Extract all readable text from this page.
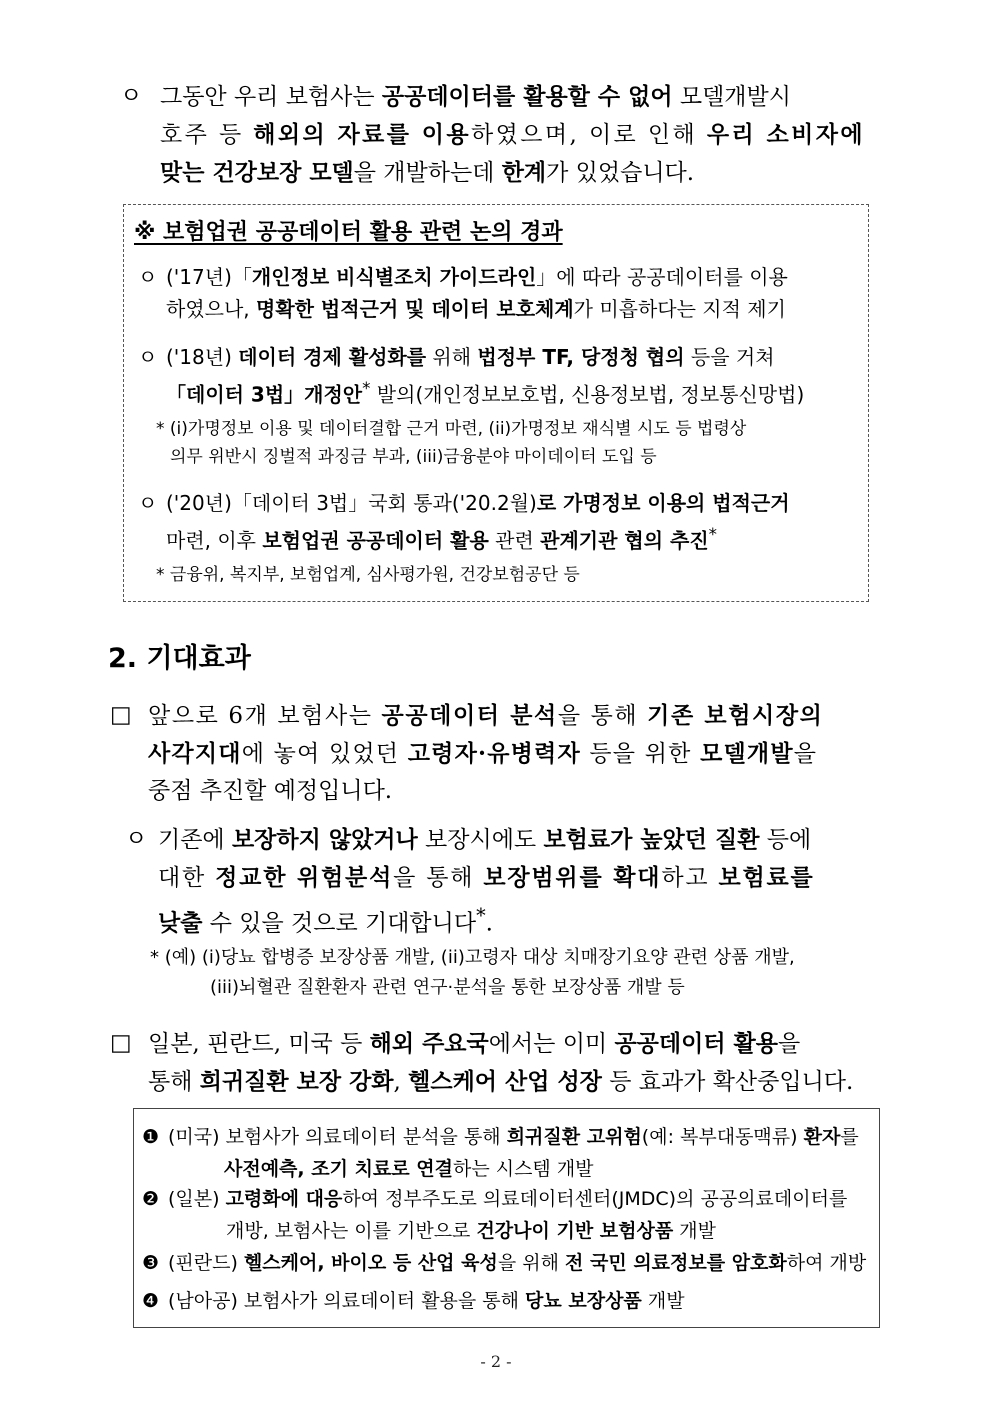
ㅇ 그동안 우리 보험사는 공공데이터를 활용할 수 없어 모델개발시
호주 등 해외의 자료를 이용하였으며, 이로 인해 우리 소비자에
맞는 건강보장 모델을 개발하는데 한계가 있었습니다.
※ 보험업권 공공데이터 활용 관련 논의 경과
ㅇ ('17년)「개인정보 비식별조치 가이드라인」에 따라 공공데이터를 이용
하였으나, 명확한 법적근거 및 데이터 보호체계가 미흡하다는 지적 제기
ㅇ ('18년) 데이터 경제 활성화를 위해 법정부 TF, 당정청 협의 등을 거쳐
「데이터 3법」개정안* 발의(개인정보보호법, 신용정보법, 정보통신망법)
* (i)가명정보 이용 및 데이터결합 근거 마련, (ii)가명정보 재식별 시도 등 법령상
의무 위반시 징벌적 과징금 부과, (iii)금융분야 마이데이터 도입 등
ㅇ ('20년)「데이터 3법」국회 통과('20.2월)로 가명정보 이용의 법적근거
마련, 이후 보험업권 공공데이터 활용 관련 관계기관 협의 추진*
* 금융위, 복지부, 보험업계, 심사평가원, 건강보험공단 등
2. 기대효과
□ 앞으로 6개 보험사는 공공데이터 분석을 통해 기존 보험시장의
사각지대에 놓여 있었던 고령자·유병력자 등을 위한 모델개발을
중점 추진할 예정입니다.
ㅇ 기존에 보장하지 않았거나 보장시에도 보험료가 높았던 질환 등에
대한 정교한 위험분석을 통해 보장범위를 확대하고 보험료를
낮출 수 있을 것으로 기대합니다*.
* (예) (i)당뇨 합병증 보장상품 개발, (ii)고령자 대상 치매장기요양 관련 상품 개발,
(iii)뇌혈관 질환환자 관련 연구·분석을 통한 보장상품 개발 등
□ 일본, 핀란드, 미국 등 해외 주요국에서는 이미 공공데이터 활용을
통해 희귀질환 보장 강화, 헬스케어 산업 성장 등 효과가 확산중입니다.
❶ (미국) 보험사가 의료데이터 분석을 통해 희귀질환 고위험(예: 복부대동맥류) 환자를
사전예측, 조기 치료로 연결하는 시스템 개발
❷ (일본) 고령화에 대응하여 정부주도로 의료데이터센터(JMDC)의 공공의료데이터를
개방, 보험사는 이를 기반으로 건강나이 기반 보험상품 개발
❸ (핀란드) 헬스케어, 바이오 등 산업 육성을 위해 전 국민 의료정보를 암호화하여 개방
❹ (남아공) 보험사가 의료데이터 활용을 통해 당뇨 보장상품 개발
- 2 -
